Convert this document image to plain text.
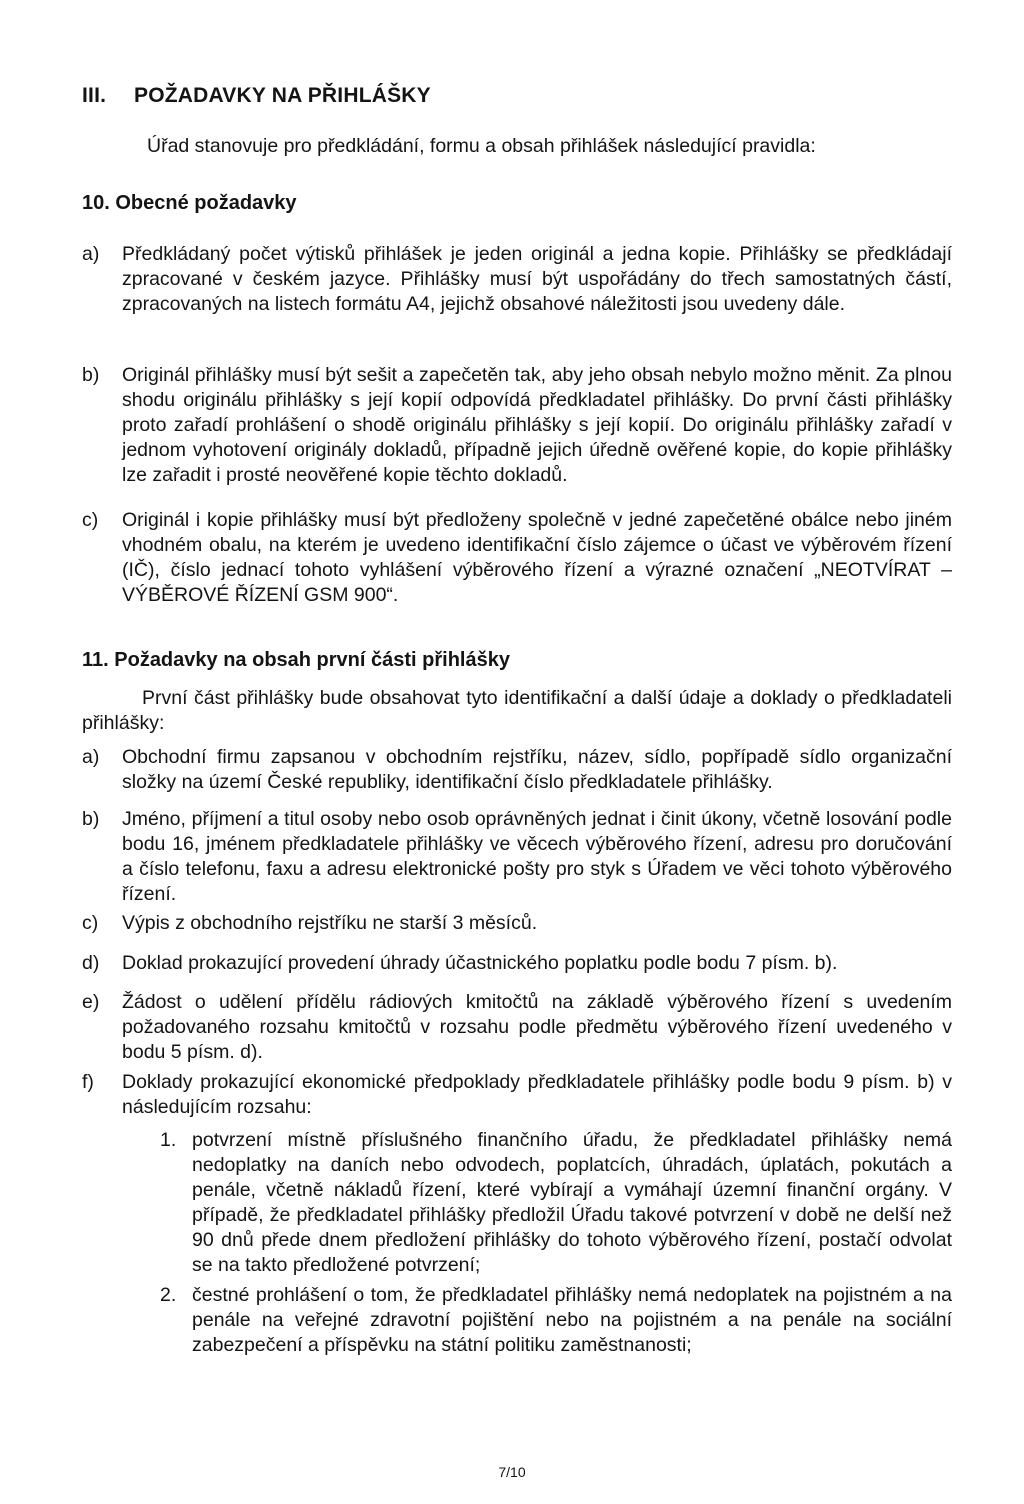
III. POŽADAVKY NA PŘIHLÁŠKY
Úřad stanovuje pro předkládání, formu a obsah přihlášek následující pravidla:
10. Obecné požadavky
a) Předkládaný počet výtisků přihlášek je jeden originál a jedna kopie. Přihlášky se předkládají zpracované v českém jazyce. Přihlášky musí být uspořádány do třech samostatných částí, zpracovaných na listech formátu A4, jejichž obsahové náležitosti jsou uvedeny dále.
b) Originál přihlášky musí být sešit a zapečetěn tak, aby jeho obsah nebylo možno měnit. Za plnou shodu originálu přihlášky s její kopií odpovídá předkladatel přihlášky. Do první části přihlášky proto zařadí prohlášení o shodě originálu přihlášky s její kopií. Do originálu přihlášky zařadí v jednom vyhotovení originály dokladů, případně jejich úředně ověřené kopie, do kopie přihlášky lze zařadit i prosté neověřené kopie těchto dokladů.
c) Originál i kopie přihlášky musí být předloženy společně v jedné zapečetěné obálce nebo jiném vhodném obalu, na kterém je uvedeno identifikační číslo zájemce o účast ve výběrovém řízení (IČ), číslo jednací tohoto vyhlášení výběrového řízení a výrazné označení „NEOTVÍRAT – VÝBĚROVÉ ŘÍZENÍ GSM 900“.
11. Požadavky na obsah první části přihlášky
První část přihlášky bude obsahovat tyto identifikační a další údaje a doklady o předkladateli přihlášky:
a) Obchodní firmu zapsanou v obchodním rejstříku, název, sídlo, popřípadě sídlo organizační složky na území České republiky, identifikační číslo předkladatele přihlášky.
b) Jméno, příjmení a titul osoby nebo osob oprávněných jednat i činit úkony, včetně losování podle bodu 16, jménem předkladatele přihlášky ve věcech výběrového řízení, adresu pro doručování a číslo telefonu, faxu a adresu elektronické pošty pro styk s Úřadem ve věci tohoto výběrového řízení.
c) Výpis z obchodního rejstříku ne starší 3 měsíců.
d) Doklad prokazující provedení úhrady účastnického poplatku podle bodu 7 písm. b).
e) Žádost o udělení přídělu rádiových kmitočtů na základě výběrového řízení s uvedením požadovaného rozsahu kmitočtů v rozsahu podle předmětu výběrového řízení uvedeného v bodu 5 písm. d).
f) Doklady prokazující ekonomické předpoklady předkladatele přihlášky podle bodu 9 písm. b) v následujícím rozsahu:
1. potvrzení místně příslušného finančního úřadu, že předkladatel přihlášky nemá nedoplatky na daních nebo odvodech, poplatcích, úhradách, úplatách, pokutách a penále, včetně nákladů řízení, které vybírají a vymáhají územní finanční orgány. V případě, že předkladatel přihlášky předložil Úřadu takové potvrzení v době ne delší než 90 dnů přede dnem předložení přihlášky do tohoto výběrového řízení, postačí odvolat se na takto předložené potvrzení;
2. čestné prohlášení o tom, že předkladatel přihlášky nemá nedoplatek na pojistném a na penále na veřejné zdravotní pojištění nebo na pojistném a na penále na sociální zabezpečení a příspěvku na státní politiku zaměstnanosti;
7/10
